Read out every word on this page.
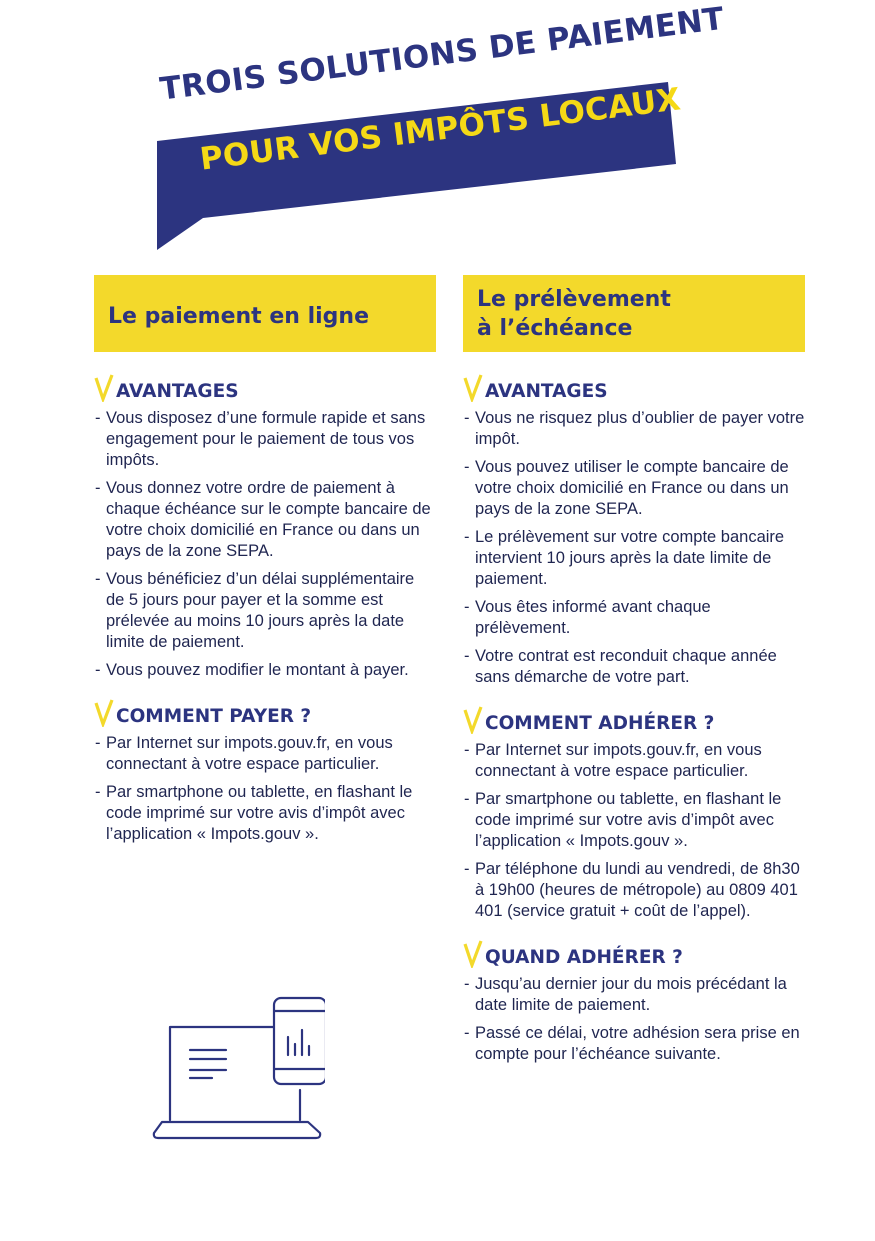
TROIS SOLUTIONS DE PAIEMENT
POUR VOS IMPÔTS LOCAUX
Le paiement en ligne
AVANTAGES
- Vous disposez d’une formule rapide et sans engagement pour le paiement de tous vos impôts.
- Vous donnez votre ordre de paiement à chaque échéance sur le compte bancaire de votre choix domicilié en France ou dans un pays de la zone SEPA.
- Vous bénéficiez d’un délai supplémentaire de 5 jours pour payer et la somme est prélevée au moins 10 jours après la date limite de paiement.
- Vous pouvez modifier le montant à payer.
COMMENT PAYER ?
- Par Internet sur impots.gouv.fr, en vous connectant à votre espace particulier.
- Par smartphone ou tablette, en flashant le code imprimé sur votre avis d’impôt avec l’application « Impots.gouv ».
Le prélèvement
à l’échéance
AVANTAGES
- Vous ne risquez plus d’oublier de payer votre impôt.
- Vous pouvez utiliser le compte bancaire de votre choix domicilié en France ou dans un pays de la zone SEPA.
- Le prélèvement sur votre compte bancaire intervient 10 jours après la date limite de paiement.
- Vous êtes informé avant chaque prélèvement.
- Votre contrat est reconduit chaque année sans démarche de votre part.
COMMENT ADHÉRER ?
- Par Internet sur impots.gouv.fr, en vous connectant à votre espace particulier.
- Par smartphone ou tablette, en flashant le code imprimé sur votre avis d’impôt avec l’application « Impots.gouv ».
- Par téléphone du lundi au vendredi, de 8h30 à 19h00 (heures de métropole) au 0809 401 401 (service gratuit + coût de l’appel).
QUAND ADHÉRER ?
- Jusqu’au dernier jour du mois précédant la date limite de paiement.
- Passé ce délai, votre adhésion sera prise en compte pour l’échéance suivante.
